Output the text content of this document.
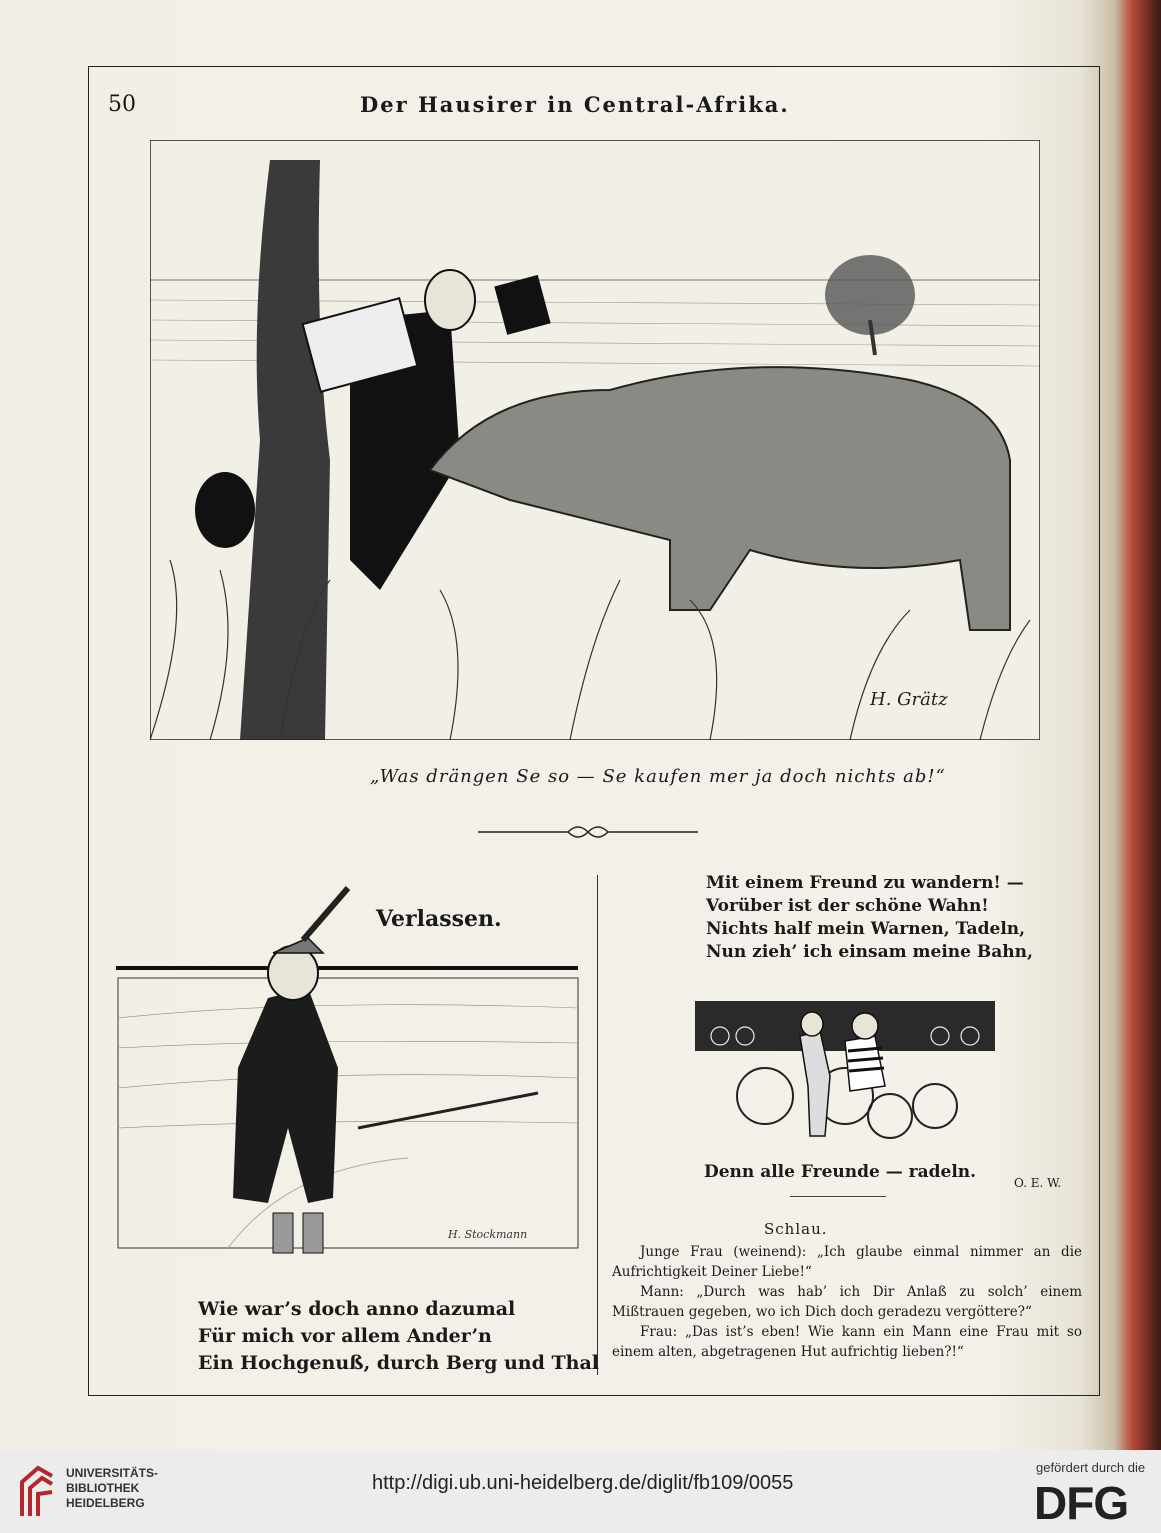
50	Der Hausirer in Central-Afrika.
H. Grätz
„Was drängen Se so — Se kaufen mer ja doch nichts ab!“
Verlassen.
H. Stockmann
Wie war’s doch anno dazumal
Für mich vor allem Ander’n
Ein Hochgenuß, durch Berg und Thal
Mit einem Freund zu wandern! —
Vorüber ist der schöne Wahn!
Nichts half mein Warnen, Tadeln,
Nun zieh’ ich einsam meine Bahn,
Denn alle Freunde — radeln.
O. E. W.
Schlau.

Junge Frau (weinend): „Ich glaube einmal nimmer an die Aufrichtigkeit Deiner Liebe!“

Mann: „Durch was hab’ ich Dir Anlaß zu solch’ einem Mißtrauen gegeben, wo ich Dich doch geradezu vergöttere?“

Frau: „Das ist’s eben! Wie kann ein Mann eine Frau mit so einem alten, abgetragenen Hut aufrichtig lieben?!“

UNIVERSITÄTS-
BIBLIOTHEK
HEIDELBERG
http://digi.ub.uni-heidelberg.de/diglit/fb109/0055
gefördert durch die
DFG
